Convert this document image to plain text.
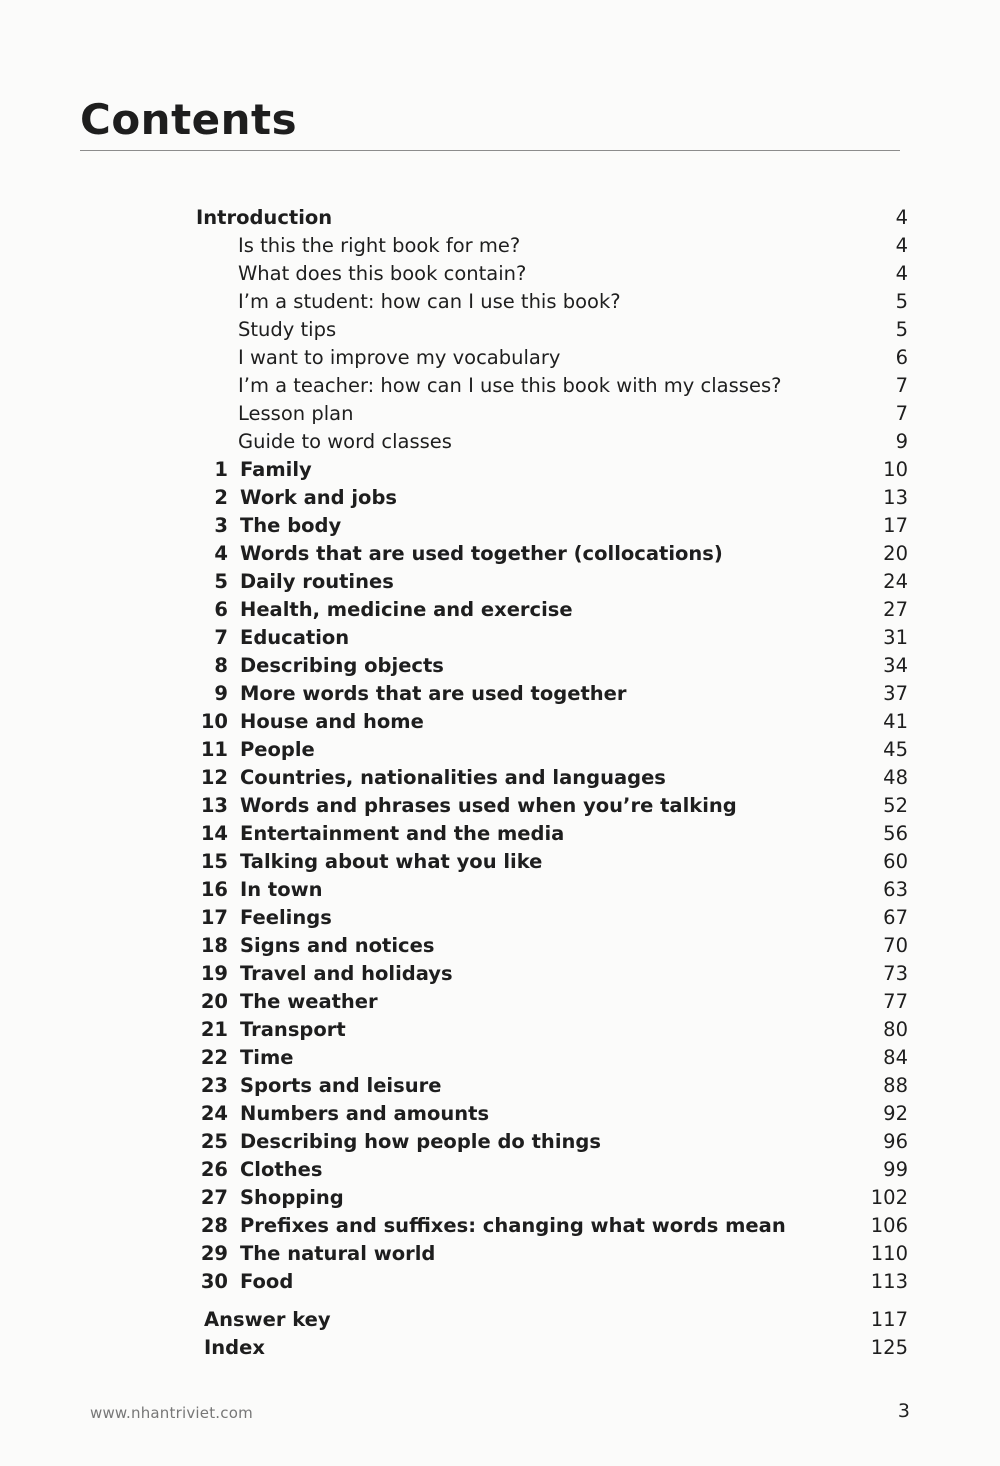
Contents
Introduction	4
Is this the right book for me?	4
What does this book contain?	4
I’m a student: how can I use this book?	5
Study tips	5
I want to improve my vocabulary	6
I’m a teacher: how can I use this book with my classes?	7
Lesson plan	7
Guide to word classes	9
1 Family	10
2 Work and jobs	13
3 The body	17
4 Words that are used together (collocations)	20
5 Daily routines	24
6 Health, medicine and exercise	27
7 Education	31
8 Describing objects	34
9 More words that are used together	37
10 House and home	41
11 People	45
12 Countries, nationalities and languages	48
13 Words and phrases used when you’re talking	52
14 Entertainment and the media	56
15 Talking about what you like	60
16 In town	63
17 Feelings	67
18 Signs and notices	70
19 Travel and holidays	73
20 The weather	77
21 Transport	80
22 Time	84
23 Sports and leisure	88
24 Numbers and amounts	92
25 Describing how people do things	96
26 Clothes	99
27 Shopping	102
28 Prefixes and suffixes: changing what words mean	106
29 The natural world	110
30 Food	113
Answer key	117
Index	125
www.nhantriviet.com	3
